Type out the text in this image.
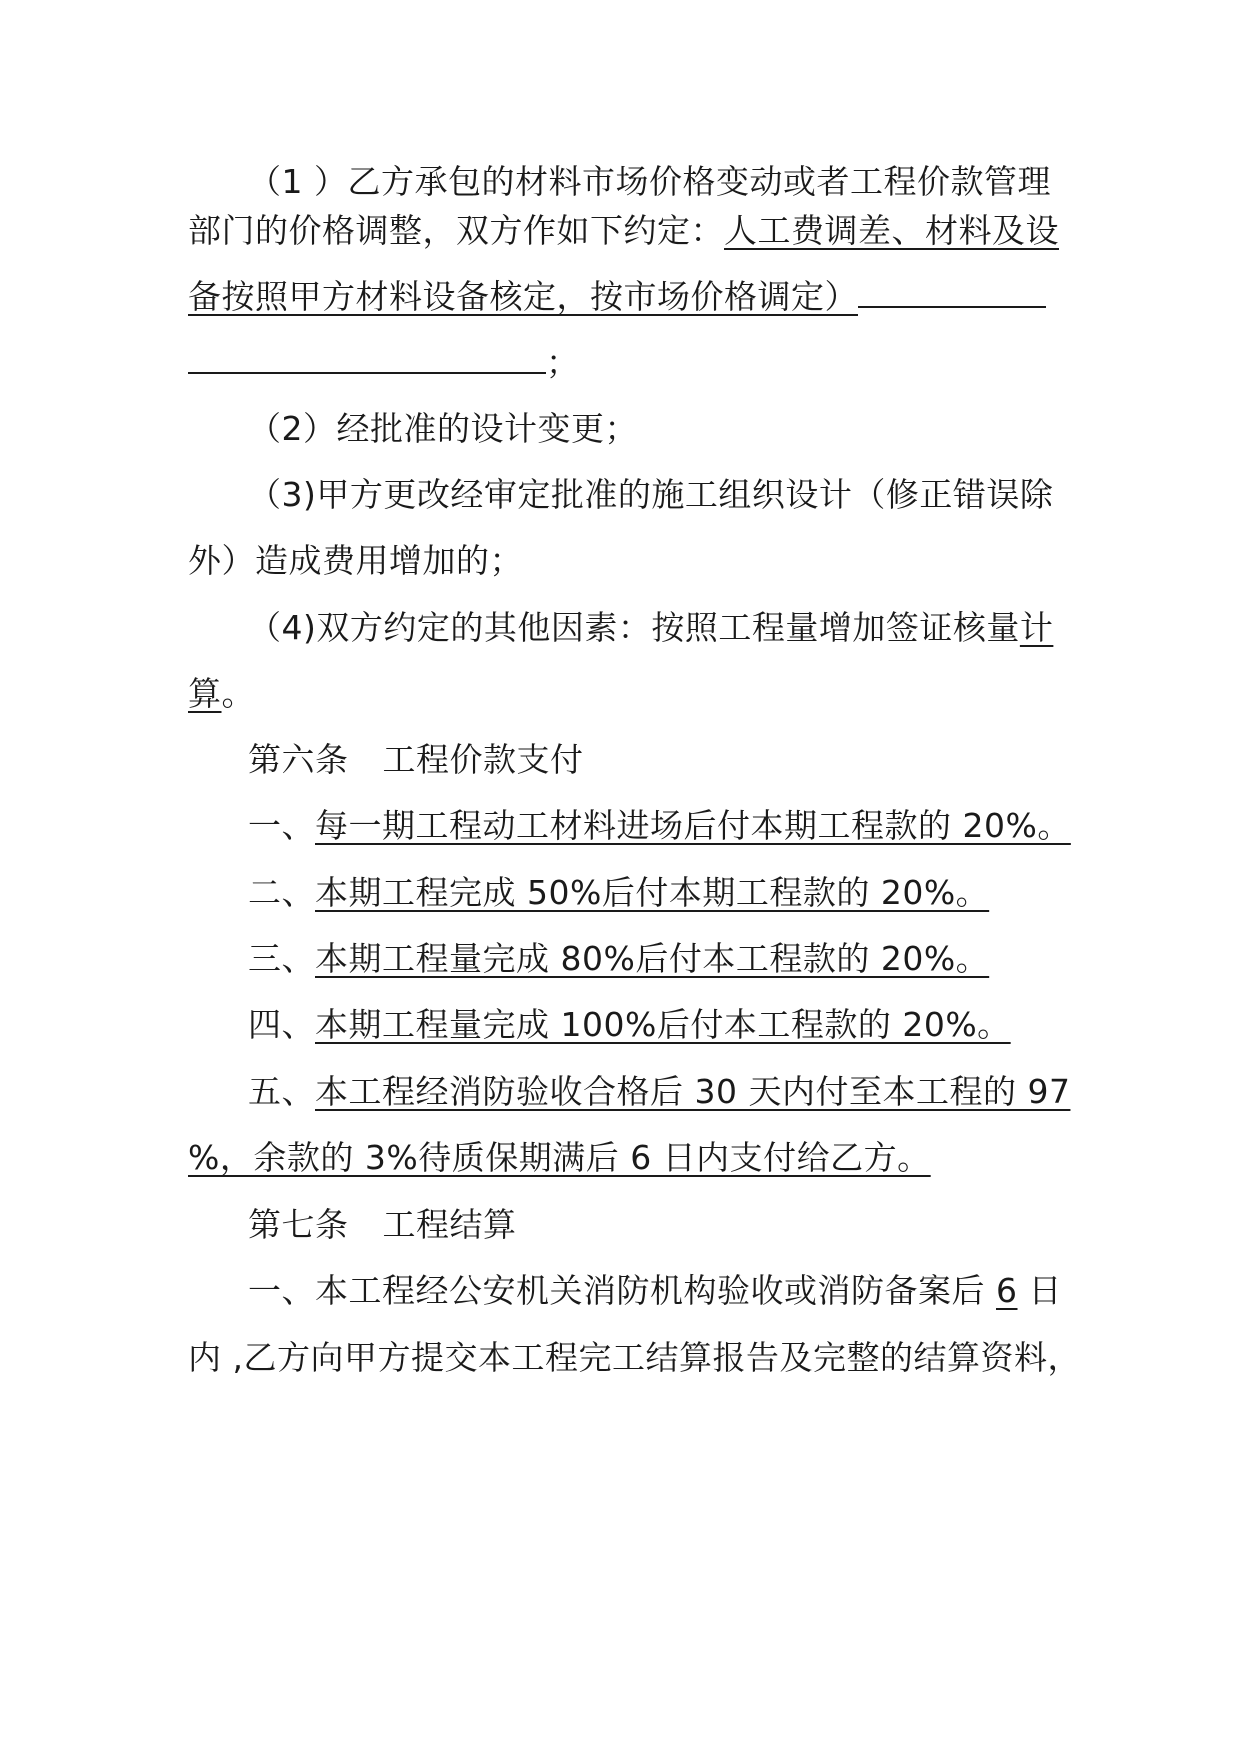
（1 ）乙方承包的材料市场价格变动或者工程价款管理
部门的价格调整，双方作如下约定：人工费调差、材料及设
备按照甲方材料设备核定，按市场价格调定）
；
（2）经批准的设计变更；
（3)甲方更改经审定批准的施工组织设计（修正错误除
外）造成费用增加的；
（4)双方约定的其他因素：按照工程量增加签证核量计
算。
第六条 工程价款支付
一、每一期工程动工材料进场后付本期工程款的 20%。
二、本期工程完成 50%后付本期工程款的 20%。
三、本期工程量完成 80%后付本工程款的 20%。
四、本期工程量完成 100%后付本工程款的 20%。
五、本工程经消防验收合格后 30 天内付至本工程的 97
%，余款的 3%待质保期满后 6 日内支付给乙方。
第七条 工程结算
一、本工程经公安机关消防机构验收或消防备案后 6 日
内 ,乙方向甲方提交本工程完工结算报告及完整的结算资料，
